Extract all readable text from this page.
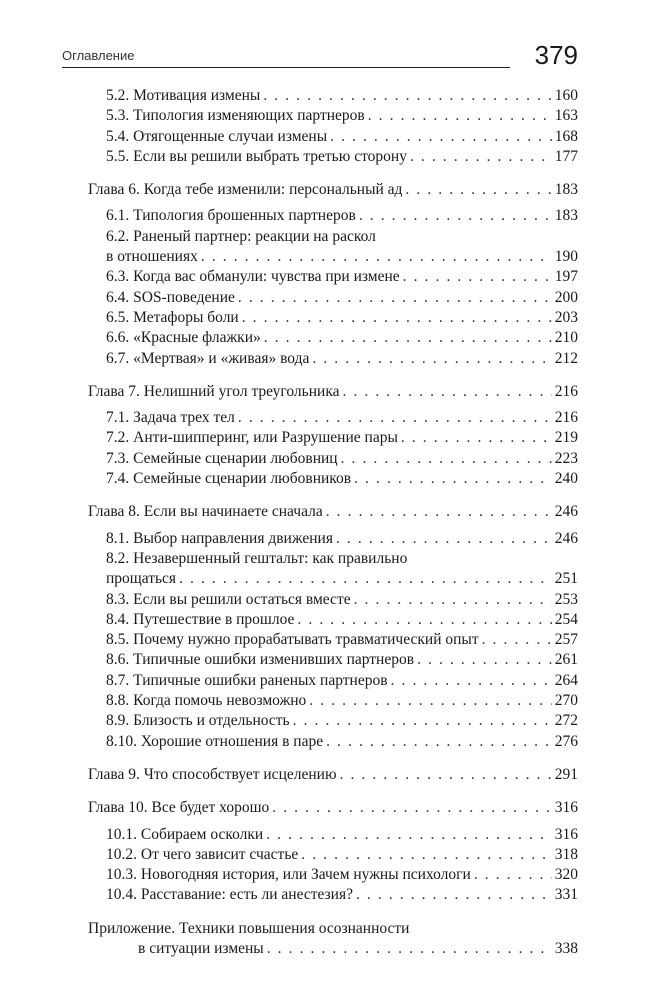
Оглавление	379
5.2. Мотивация измены . . .	160
5.3. Типология изменяющих партнеров . . .	163
5.4. Отягощенные случаи измены . . .	168
5.5. Если вы решили выбрать третью сторону . . .	177
Глава 6. Когда тебе изменили: персональный ад . . .	183
6.1. Типология брошенных партнеров . . .	183
6.2. Раненый партнер: реакции на раскол
в отношениях . . .	190
6.3. Когда вас обманули: чувства при измене . . .	197
6.4. SOS-поведение . . .	200
6.5. Метафоры боли . . .	203
6.6. «Красные флажки» . . .	210
6.7. «Мертвая» и «живая» вода . . .	212
Глава 7. Нелишний угол треугольника . . .	216
7.1. Задача трех тел . . .	216
7.2. Анти-шиппеpинг, или Разрушение пары . . .	219
7.3. Семейные сценарии любовниц . . .	223
7.4. Семейные сценарии любовников . . .	240
Глава 8. Если вы начинаете сначала . . .	246
8.1. Выбор направления движения . . .	246
8.2. Незавершенный гештальт: как правильно
прощаться . . .	251
8.3. Если вы решили остаться вместе . . .	253
8.4. Путешествие в прошлое . . .	254
8.5. Почему нужно прорабатывать травматический опыт . . .	257
8.6. Типичные ошибки изменивших партнеров . . .	261
8.7. Типичные ошибки раненых партнеров . . .	264
8.8. Когда помочь невозможно . . .	270
8.9. Близость и отдельность . . .	272
8.10. Хорошие отношения в паре . . .	276
Глава 9. Что способствует исцелению . . .	291
Глава 10. Все будет хорошо . . .	316
10.1. Собираем осколки . . .	316
10.2. От чего зависит счастье . . .	318
10.3. Новогодняя история, или Зачем нужны психологи . . .	320
10.4. Расставание: есть ли анестезия? . . .	331
Приложение. Техники повышения осознанности
в ситуации измены . . .	338
